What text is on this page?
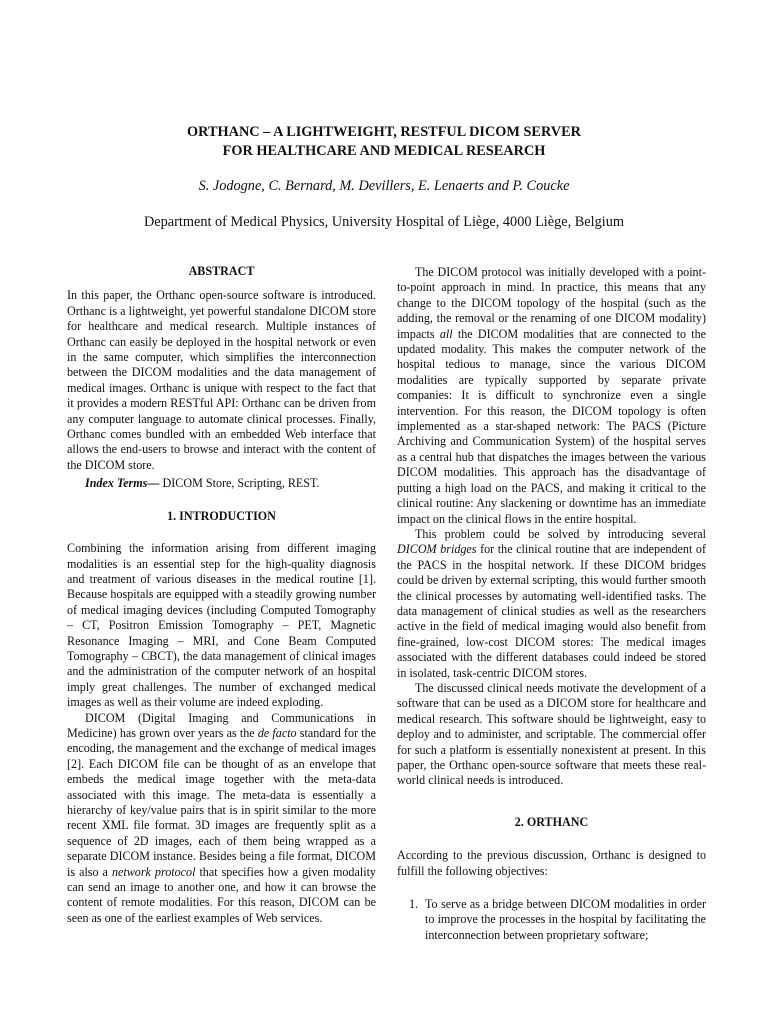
ORTHANC – A LIGHTWEIGHT, RESTFUL DICOM SERVER
FOR HEALTHCARE AND MEDICAL RESEARCH
S. Jodogne, C. Bernard, M. Devillers, E. Lenaerts and P. Coucke
Department of Medical Physics, University Hospital of Liège, 4000 Liège, Belgium
ABSTRACT

In this paper, the Orthanc open-source software is introduced. Orthanc is a lightweight, yet powerful standalone DICOM store for healthcare and medical research. Multiple instances of Orthanc can easily be deployed in the hospital network or even in the same computer, which simplifies the interconnection between the DICOM modalities and the data management of medical images. Orthanc is unique with respect to the fact that it provides a modern RESTful API: Orthanc can be driven from any computer language to automate clinical processes. Finally, Orthanc comes bundled with an embedded Web interface that allows the end-users to browse and interact with the content of the DICOM store.

Index Terms— DICOM Store, Scripting, REST.

1. INTRODUCTION

Combining the information arising from different imaging modalities is an essential step for the high-quality diagnosis and treatment of various diseases in the medical routine [1]. Because hospitals are equipped with a steadily growing number of medical imaging devices (including Computed Tomography – CT, Positron Emission Tomography – PET, Magnetic Resonance Imaging – MRI, and Cone Beam Computed Tomography – CBCT), the data management of clinical images and the administration of the computer network of an hospital imply great challenges. The number of exchanged medical images as well as their volume are indeed exploding.

DICOM (Digital Imaging and Communications in Medicine) has grown over years as the de facto standard for the encoding, the management and the exchange of medical images [2]. Each DICOM file can be thought of as an envelope that embeds the medical image together with the meta-data associated with this image. The meta-data is essentially a hierarchy of key/value pairs that is in spirit similar to the more recent XML file format. 3D images are frequently split as a sequence of 2D images, each of them being wrapped as a separate DICOM instance. Besides being a file format, DICOM is also a network protocol that specifies how a given modality can send an image to another one, and how it can browse the content of remote modalities. For this reason, DICOM can be seen as one of the earliest examples of Web services.

The DICOM protocol was initially developed with a point-to-point approach in mind. In practice, this means that any change to the DICOM topology of the hospital (such as the adding, the removal or the renaming of one DICOM modality) impacts all the DICOM modalities that are connected to the updated modality. This makes the computer network of the hospital tedious to manage, since the various DICOM modalities are typically supported by separate private companies: It is difficult to synchronize even a single intervention. For this reason, the DICOM topology is often implemented as a star-shaped network: The PACS (Picture Archiving and Communication System) of the hospital serves as a central hub that dispatches the images between the various DICOM modalities. This approach has the disadvantage of putting a high load on the PACS, and making it critical to the clinical routine: Any slackening or downtime has an immediate impact on the clinical flows in the entire hospital.

This problem could be solved by introducing several DICOM bridges for the clinical routine that are independent of the PACS in the hospital network. If these DICOM bridges could be driven by external scripting, this would further smooth the clinical processes by automating well-identified tasks. The data management of clinical studies as well as the researchers active in the field of medical imaging would also benefit from fine-grained, low-cost DICOM stores: The medical images associated with the different databases could indeed be stored in isolated, task-centric DICOM stores.

The discussed clinical needs motivate the development of a software that can be used as a DICOM store for healthcare and medical research. This software should be lightweight, easy to deploy and to administer, and scriptable. The commercial offer for such a platform is essentially nonexistent at present. In this paper, the Orthanc open-source software that meets these real-world clinical needs is introduced.

2. ORTHANC

According to the previous discussion, Orthanc is designed to fulfill the following objectives:

1. To serve as a bridge between DICOM modalities in order to improve the processes in the hospital by facilitating the interconnection between proprietary software;
